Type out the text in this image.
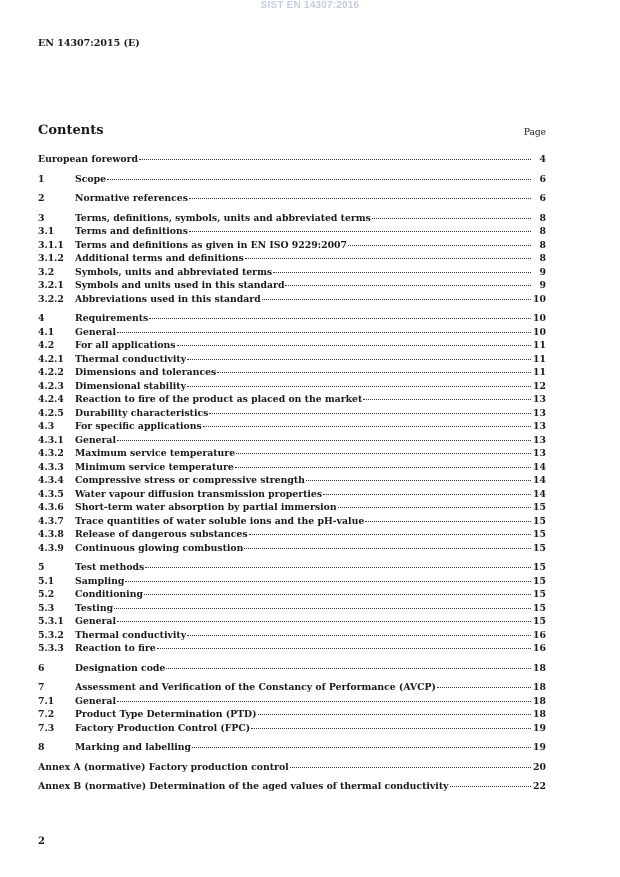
SIST EN 14307:2016
EN 14307:2015 (E)
Contents	Page
European foreword	4
1	Scope	6
2	Normative references	6
3	Terms, definitions, symbols, units and abbreviated terms	8
3.1	Terms and definitions	8
3.1.1	Terms and definitions as given in EN ISO 9229:2007	8
3.1.2	Additional terms and definitions	8
3.2	Symbols, units and abbreviated terms	9
3.2.1	Symbols and units used in this standard	9
3.2.2	Abbreviations used in this standard	10
4	Requirements	10
4.1	General	10
4.2	For all applications	11
4.2.1	Thermal conductivity	11
4.2.2	Dimensions and tolerances	11
4.2.3	Dimensional stability	12
4.2.4	Reaction to fire of the product as placed on the market	13
4.2.5	Durability characteristics	13
4.3	For specific applications	13
4.3.1	General	13
4.3.2	Maximum service temperature	13
4.3.3	Minimum service temperature	14
4.3.4	Compressive stress or compressive strength	14
4.3.5	Water vapour diffusion transmission properties	14
4.3.6	Short-term water absorption by partial immersion	15
4.3.7	Trace quantities of water soluble ions and the pH-value	15
4.3.8	Release of dangerous substances	15
4.3.9	Continuous glowing combustion	15
5	Test methods	15
5.1	Sampling	15
5.2	Conditioning	15
5.3	Testing	15
5.3.1	General	15
5.3.2	Thermal conductivity	16
5.3.3	Reaction to fire	16
6	Designation code	18
7	Assessment and Verification of the Constancy of Performance (AVCP)	18
7.1	General	18
7.2	Product Type Determination (PTD)	18
7.3	Factory Production Control (FPC)	19
8	Marking and labelling	19
Annex A (normative) Factory production control	20
Annex B (normative) Determination of the aged values of thermal conductivity	22
2
